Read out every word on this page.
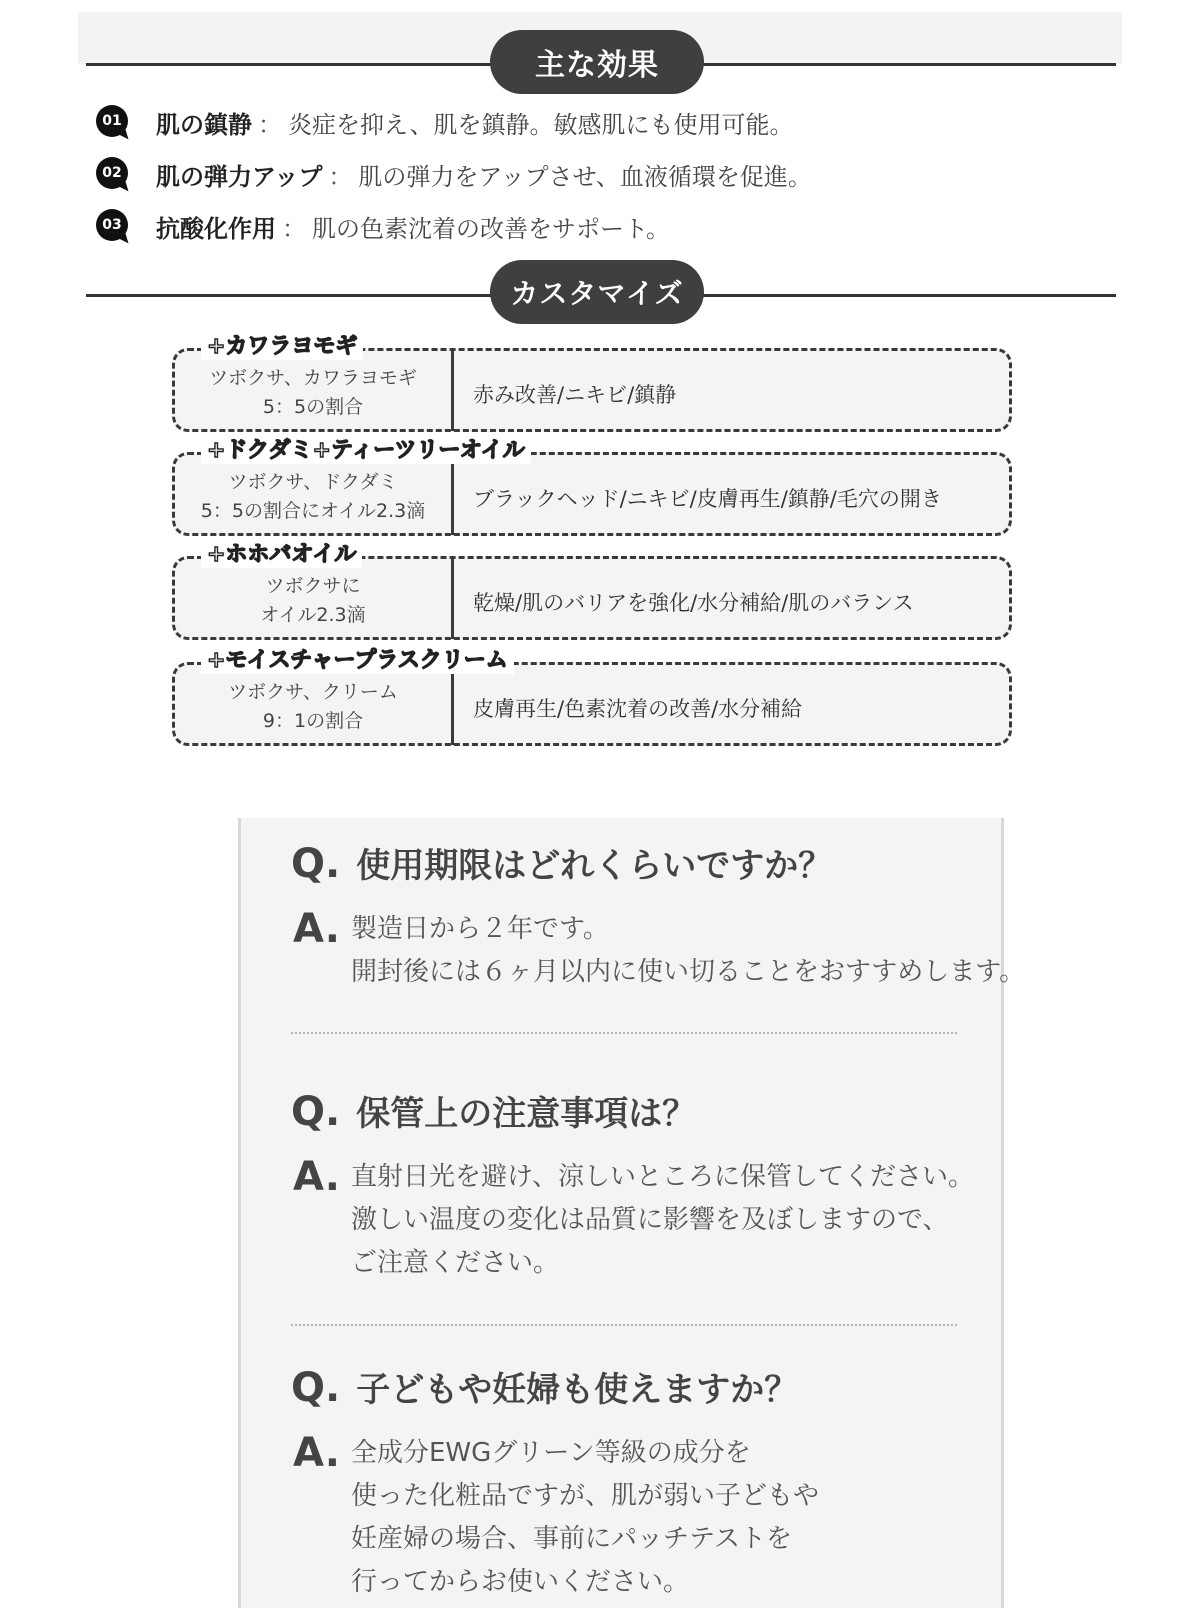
主な効果
01 肌の鎮静 ： 炎症を抑え、肌を鎮静。敏感肌にも使用可能。
02 肌の弾力アップ ： 肌の弾力をアップさせ、血液循環を促進。
03 抗酸化作用 ： 肌の色素沈着の改善をサポート。
カスタマイズ
+カワラヨモギ
ツボクサ、カワラヨモギ
5：5の割合	赤み改善/ニキビ/鎮静
+ドクダミ+ティーツリーオイル
ツボクサ、ドクダミ
5：5の割合にオイル2.3滴 ブラックヘッド/ニキビ/皮膚再生/鎮静/毛穴の開き
+ホホバオイル
ツボクサに
オイル2.3滴	乾燥/肌のバリアを強化/水分補給/肌のバランス
+モイスチャープラスクリーム
ツボクサ、クリーム
9：1の割合	皮膚再生/色素沈着の改善/水分補給
Q. 使用期限はどれくらいですか？
A. 製造日から２年です。
開封後には６ヶ月以内に使い切ることをおすすめします。
Q. 保管上の注意事項は？
A. 直射日光を避け、涼しいところに保管してください。
激しい温度の変化は品質に影響を及ぼしますので、
ご注意ください。
Q. 子どもや妊婦も使えますか？
A. 全成分EWGグリーン等級の成分を
使った化粧品ですが、肌が弱い子どもや
妊産婦の場合、事前にパッチテストを
行ってからお使いください。
